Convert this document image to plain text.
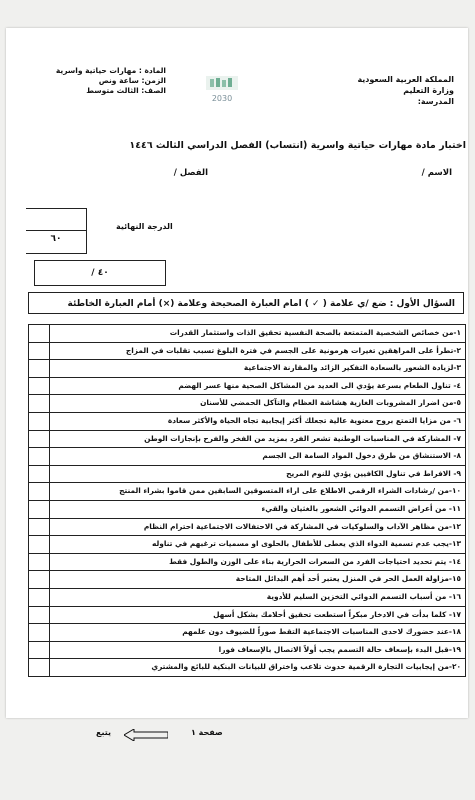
المملكة العربية السعودية
وزارة التعليم
المدرسة:
2030
المادة : مهارات حياتية واسرية
الزمن: ساعة ونص
الصف: الثالث متوسط
اختبار مادة مهارات حياتية واسرية (انتساب) الفصل الدراسي الثالث ١٤٤٦
الاسم /
الفصل /
٦٠
الدرجة النهائية
/ ٤٠
السؤال الأول : ضع /ي علامة ( ✓ ) امام العبارة الصحيحة وعلامة (×) أمام العبارة الخاطئة
١-من خصائص الشخصية المتمتعة بالصحة النفسية تحقيق الذات واستثمار القدرات
٢-تطرأ على المراهقين تغيرات هرمونية على الجسم في فترة البلوغ تسبب تقلبات في المزاج
٣-لزيادة الشعور بالسعادة التفكير الزائد والمقارنة الاجتماعية
٤- تناول الطعام بسرعة يؤدي الى العديد من المشاكل الصحية منها عسر الهضم
٥-من اضرار المشروبات الغازية هشاشة العظام والتآكل الحمضي للأسنان
٦- من مزايا التمتع بروح معنوية عالية تجعلك أكثر إيجابية تجاه الحياة والأكثر سعادة
٧- المشاركة في المناسبات الوطنية تشعر الفرد بمزيد من الفخر والفرح بإنجازات الوطن
٨- الاستنشاق من طرق دخول المواد السامة الى الجسم
٩- الافراط في تناول الكافيين يؤدي للنوم المريح
١٠-من /رشادات الشراء الرقمي الاطلاع على اراء المتسوقين السابقين ممن قاموا بشراء المنتج
١١- من أعراض التسمم الدوائي الشعور بالغثيان والقيء
١٢-من مظاهر الآداب والسلوكيات في المشاركة في الاحتفالات الاجتماعية احترام النظام
١٣-يجب عدم تسمية الدواء الذي يعطى للأطفال بالحلوى او مسميات ترغبهم في تناوله
١٤- يتم تحديد احتياجات الفرد من السعرات الحرارية بناء على الوزن والطول فقط
١٥-مزاولة العمل الحر في المنزل يعتبر أحد أهم البدائل المتاحة
١٦- من أسباب التسمم الدوائي التخزين السليم للأدوية
١٧- كلما بدأت في الادخار مبكراً استطعت تحقيق أحلامك بشكل أسهل
١٨-عند حضورك لاحدى المناسبات الاجتماعية التقط صوراً للضيوف دون علمهم
١٩-قبل البدء بإسعاف حالة التسمم يجب أولاً الاتصال بالإسعاف فورا
٢٠-من إيجابيات التجارة الرقمية حدوث تلاعب واختراق للبيانات البنكية للبائع والمشتري
صفحة ١
يتبع
